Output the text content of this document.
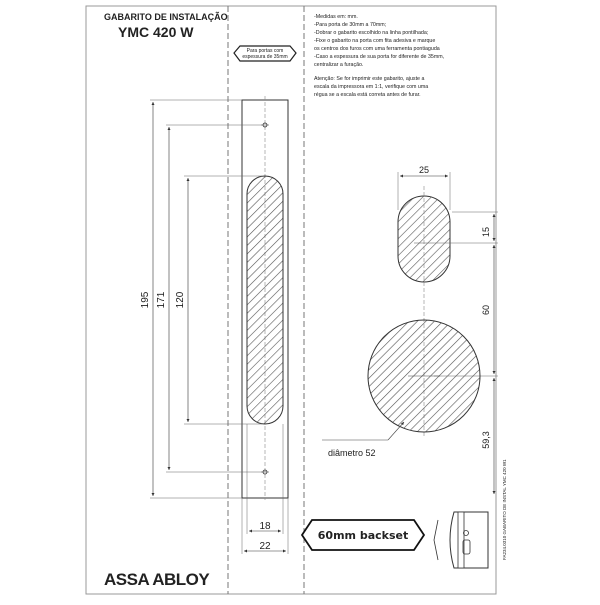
GABARITO DE INSTALAÇÃO
YMC 420 W
Para portas com
espessura de 35mm
-Medidas em: mm.
-Para porta de 30mm a 70mm;
-Dobrar o gabarito escolhido na linha pontilhada;
-Fixe o gabarito na porta com fita adesiva e marque
os centros dos furos com uma ferramenta pontiaguda
-Caso a espessura de sua porta for diferente de 35mm,
centralizar a furação.
Atenção: Se for imprimir este gabarito, ajuste a
escala da impressora em 1:1, verifique com uma
régua se a escala está correta antes de furar.
195 171 120
18
22
25
15
60
59,3
diâmetro 52
60mm backset	FA234.0310 GABARITO DE INSTAL YMC 420 W1
ASSA ABLOY
